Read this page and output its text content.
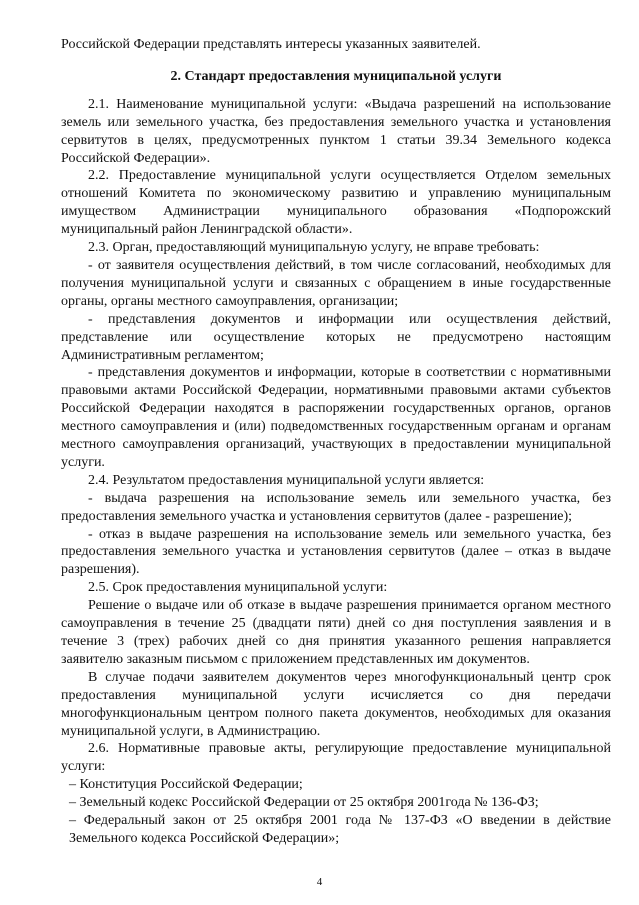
Российской Федерации представлять интересы указанных заявителей.

2. Стандарт предоставления муниципальной услуги

2.1. Наименование муниципальной услуги: «Выдача разрешений на использование земель или земельного участка, без предоставления земельного участка и установления сервитутов в целях, предусмотренных пунктом 1 статьи 39.34 Земельного кодекса Российской Федерации».

2.2. Предоставление муниципальной услуги осуществляется Отделом земельных отношений Комитета по экономическому развитию и управлению муниципальным имуществом Администрации муниципального образования «Подпорожский муниципальный район Ленинградской области».

2.3. Орган, предоставляющий муниципальную услугу, не вправе требовать:

- от заявителя осуществления действий, в том числе согласований, необходимых для получения муниципальной услуги и связанных с обращением в иные государственные органы, органы местного самоуправления, организации;

- представления документов и информации или осуществления действий, представление или осуществление которых не предусмотрено настоящим Административным регламентом;

- представления документов и информации, которые в соответствии с нормативными правовыми актами Российской Федерации, нормативными правовыми актами субъектов Российской Федерации находятся в распоряжении государственных органов, органов местного самоуправления и (или) подведомственных государственным органам и органам местного самоуправления организаций, участвующих в предоставлении муниципальной услуги.

2.4. Результатом предоставления муниципальной услуги является:

- выдача разрешения на использование земель или земельного участка, без предоставления земельного участка и установления сервитутов (далее - разрешение);

- отказ в выдаче разрешения на использование земель или земельного участка, без предоставления земельного участка и установления сервитутов (далее – отказ в выдаче разрешения).

2.5. Срок предоставления муниципальной услуги:

Решение о выдаче или об отказе в выдаче разрешения принимается органом местного самоуправления в течение 25 (двадцати пяти) дней со дня поступления заявления и в течение 3 (трех) рабочих дней со дня принятия указанного решения направляется заявителю заказным письмом с приложением представленных им документов.

В случае подачи заявителем документов через многофункциональный центр срок предоставления муниципальной услуги исчисляется со дня передачи многофункциональным центром полного пакета документов, необходимых для оказания муниципальной услуги, в Администрацию.

2.6. Нормативные правовые акты, регулирующие предоставление муниципальной услуги:

– Конституция Российской Федерации;

– Земельный кодекс Российской Федерации от 25 октября 2001года № 136-ФЗ;

– Федеральный закон от 25 октября 2001 года № 137-ФЗ «О введении в действие Земельного кодекса Российской Федерации»;

4
